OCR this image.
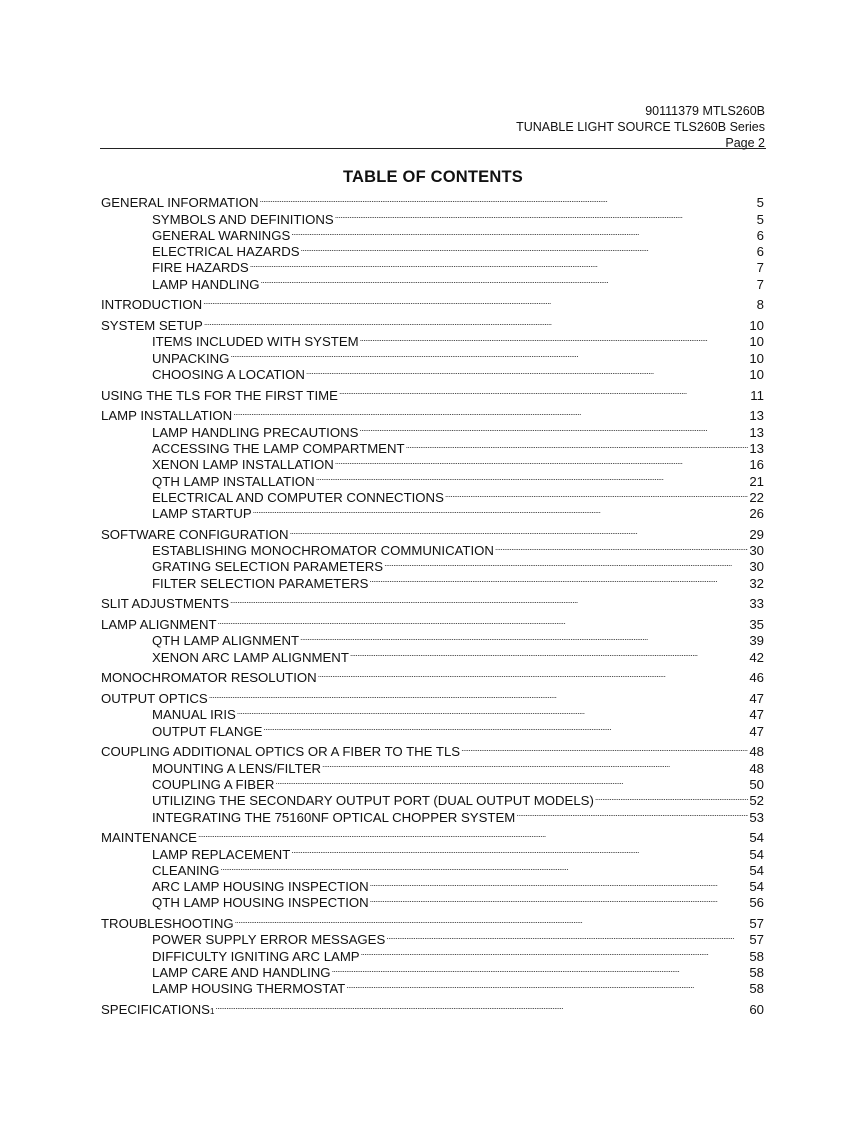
90111379 MTLS260B
TUNABLE LIGHT SOURCE TLS260B Series
Page 2
TABLE OF CONTENTS
GENERAL INFORMATION . . .	5
SYMBOLS AND DEFINITIONS . . .	5
GENERAL WARNINGS . . .	6
ELECTRICAL HAZARDS . . .	6
FIRE HAZARDS . . .	7
LAMP HANDLING . . .	7
INTRODUCTION . . .	8
SYSTEM SETUP . . .	10
ITEMS INCLUDED WITH SYSTEM . . .	10
UNPACKING . . .	10
CHOOSING A LOCATION . . .	10
USING THE TLS FOR THE FIRST TIME . . .	11
LAMP INSTALLATION . . .	13
LAMP HANDLING PRECAUTIONS . . .	13
ACCESSING THE LAMP COMPARTMENT . . .	13
XENON LAMP INSTALLATION . . .	16
QTH LAMP INSTALLATION . . .	21
ELECTRICAL AND COMPUTER CONNECTIONS . . .	22
LAMP STARTUP . . .	26
SOFTWARE CONFIGURATION . . .	29
ESTABLISHING MONOCHROMATOR COMMUNICATION . . .	30
GRATING SELECTION PARAMETERS . . .	30
FILTER SELECTION PARAMETERS . . .	32
SLIT ADJUSTMENTS . . .	33
LAMP ALIGNMENT . . .	35
QTH LAMP ALIGNMENT . . .	39
XENON ARC LAMP ALIGNMENT . . .	42
MONOCHROMATOR RESOLUTION . . .	46
OUTPUT OPTICS . . .	47
MANUAL IRIS . . .	47
OUTPUT FLANGE . . .	47
COUPLING ADDITIONAL OPTICS OR A FIBER TO THE TLS . . .	48
MOUNTING A LENS/FILTER . . .	48
COUPLING A FIBER . . .	50
UTILIZING THE SECONDARY OUTPUT PORT (DUAL OUTPUT MODELS) . . .	52
INTEGRATING THE 75160NF OPTICAL CHOPPER SYSTEM . . .	53
MAINTENANCE . . .	54
LAMP REPLACEMENT . . .	54
CLEANING . . .	54
ARC LAMP HOUSING INSPECTION . . .	54
QTH LAMP HOUSING INSPECTION . . .	56
TROUBLESHOOTING . . .	57
POWER SUPPLY ERROR MESSAGES . . .	57
DIFFICULTY IGNITING ARC LAMP . . .	58
LAMP CARE AND HANDLING . . .	58
LAMP HOUSING THERMOSTAT . . .	58
SPECIFICATIONS 1 . . .	60
